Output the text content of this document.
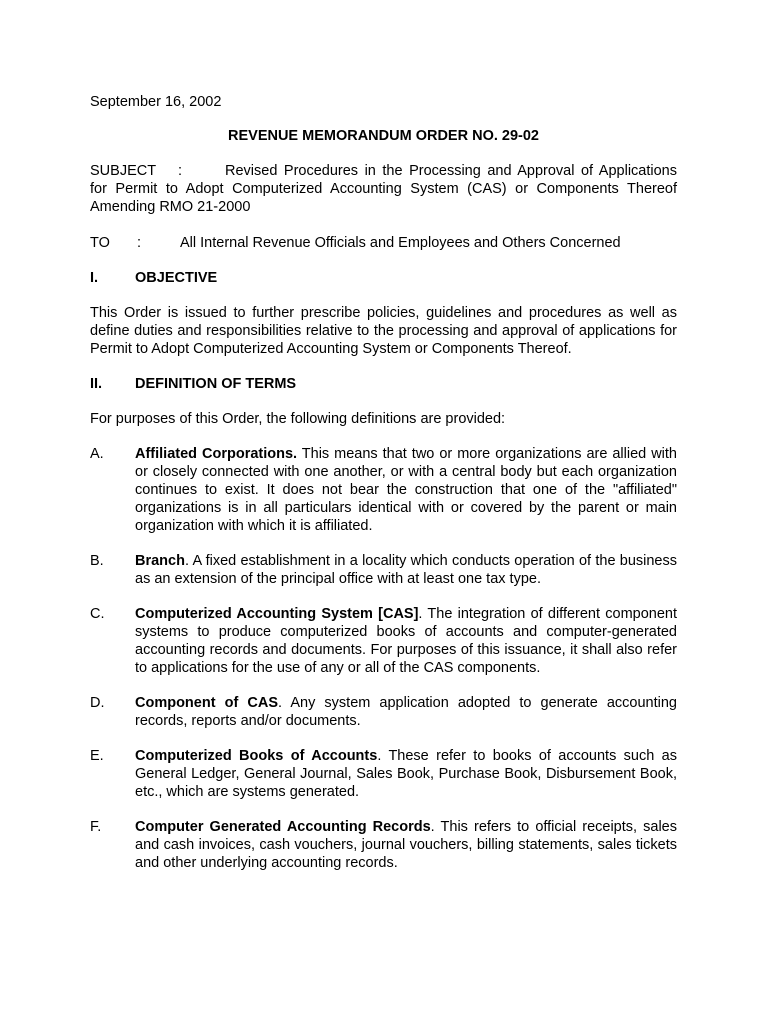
September 16, 2002

REVENUE MEMORANDUM ORDER NO. 29-02

SUBJECT :	Revised Procedures in the Processing and Approval of Applications for Permit to Adopt Computerized Accounting System (CAS) or Components Thereof Amending RMO 21-2000

TO :	All Internal Revenue Officials and Employees and Others Concerned

I.	OBJECTIVE

This Order is issued to further prescribe policies, guidelines and procedures as well as define duties and responsibilities relative to the processing and approval of applications for Permit to Adopt Computerized Accounting System or Components Thereof.

II. DEFINITION OF TERMS

For purposes of this Order, the following definitions are provided:

A. Affiliated Corporations. This means that two or more organizations are allied with or closely connected with one another, or with a central body but each organization continues to exist. It does not bear the construction that one of the "affiliated" organizations is in all particulars identical with or covered by the parent or main organization with which it is affiliated.
B. Branch. A fixed establishment in a locality which conducts operation of the business as an extension of the principal office with at least one tax type.
C. Computerized Accounting System [CAS]. The integration of different component systems to produce computerized books of accounts and computer-generated accounting records and documents. For purposes of this issuance, it shall also refer to applications for the use of any or all of the CAS components.
D. Component of CAS. Any system application adopted to generate accounting records, reports and/or documents.
E. Computerized Books of Accounts. These refer to books of accounts such as General Ledger, General Journal, Sales Book, Purchase Book, Disbursement Book, etc., which are systems generated.
F. Computer Generated Accounting Records. This refers to official receipts, sales and cash invoices, cash vouchers, journal vouchers, billing statements, sales tickets and other underlying accounting records.
